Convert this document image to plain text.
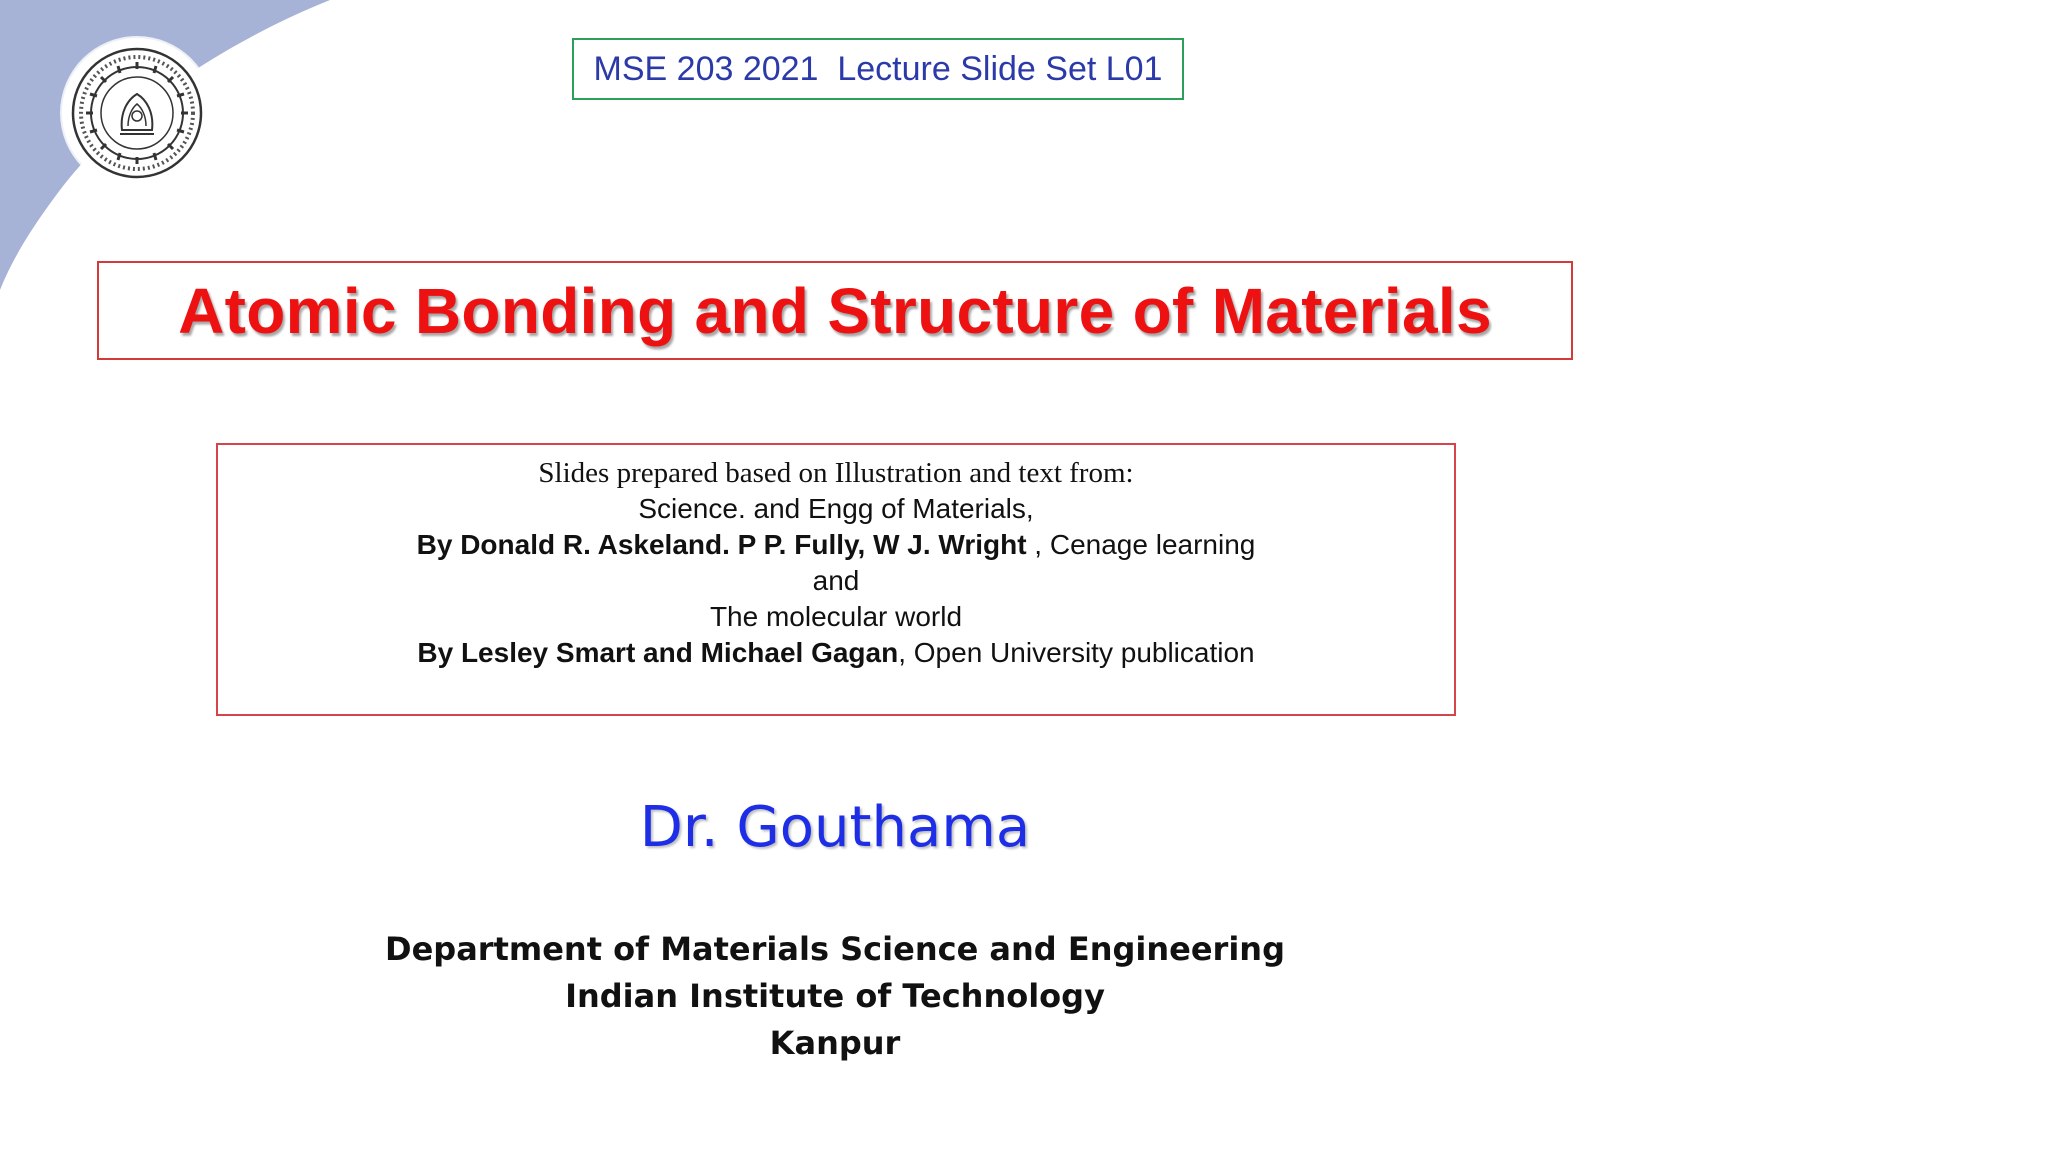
MSE 203 2021  Lecture Slide Set L01
Atomic Bonding and Structure of Materials
Slides prepared based on Illustration and text from:
Science. and Engg of Materials,
By Donald R. Askeland. P P. Fully, W J. Wright , Cenage learning
and
The molecular world
By Lesley Smart and Michael Gagan, Open University publication
Dr. Gouthama
Department of Materials Science and Engineering
Indian Institute of Technology
Kanpur
